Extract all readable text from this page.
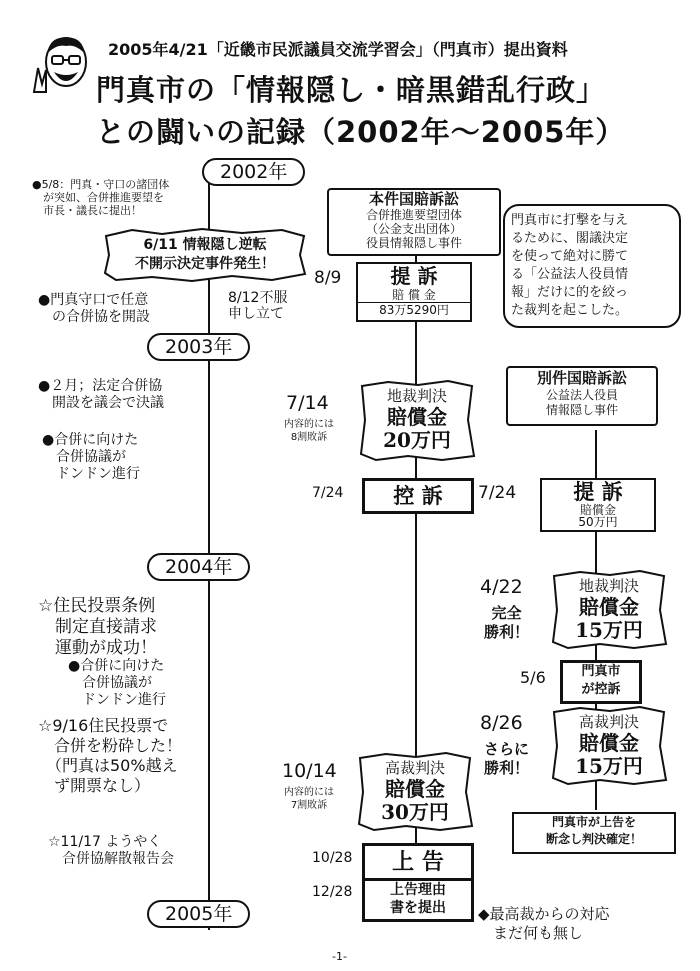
2005年4/21「近畿市民派議員交流学習会」（門真市）提出資料
門真市の「情報隠し・暗黒錯乱行政」
との闘いの記録（2002年～2005年）
2002年
2003年
2004年
2005年
●5/8：門真・守口の諸団体
　が突如、合併推進要望を
　市長・議長に提出！
6/11 情報隠し逆転
不開示決定事件発生！
●門真守口で任意
　の合併協を開設
●２月；法定合併協
　開設を議会で決議
●合併に向けた
　合併協議が
　ドンドン進行
☆住民投票条例
　制定直接請求
　運動が成功！
●合併に向けた
　合併協議が
　ドンドン進行
☆9/16住民投票で
　合併を粉砕した！
　（門真は50%越え
　ず開票なし）
☆11/17 ようやく
　合併協解散報告会
本件国賠訴訟
合併推進要望団体
（公金支出団体）
役員情報隠し事件
8/9	提 訴
賠 償 金
83万5290円
8/12不服
申し立て
門真市に打撃を与え
るために、閣議決定
を使って絶対に勝て
る「公益法人役員情
報」だけに的を絞っ
た裁判を起こした。
7/14
内容的には
8割敗訴
地裁判決
賠償金
20万円
7/24	控 訴
10/14
内容的には
7割敗訴
高裁判決
賠償金
30万円
10/28	上 告
12/28	上告理由
書を提出	◆最高裁からの対応
　まだ何も無し
別件国賠訴訟
公益法人役員
情報隠し事件
7/24	提 訴
賠償金
50万円
4/22
完全
勝利！
地裁判決
賠償金
15万円
5/6	門真市
が控訴
8/26
さらに
勝利！
高裁判決
賠償金
15万円
門真市が上告を
断念し判決確定！
-1-
